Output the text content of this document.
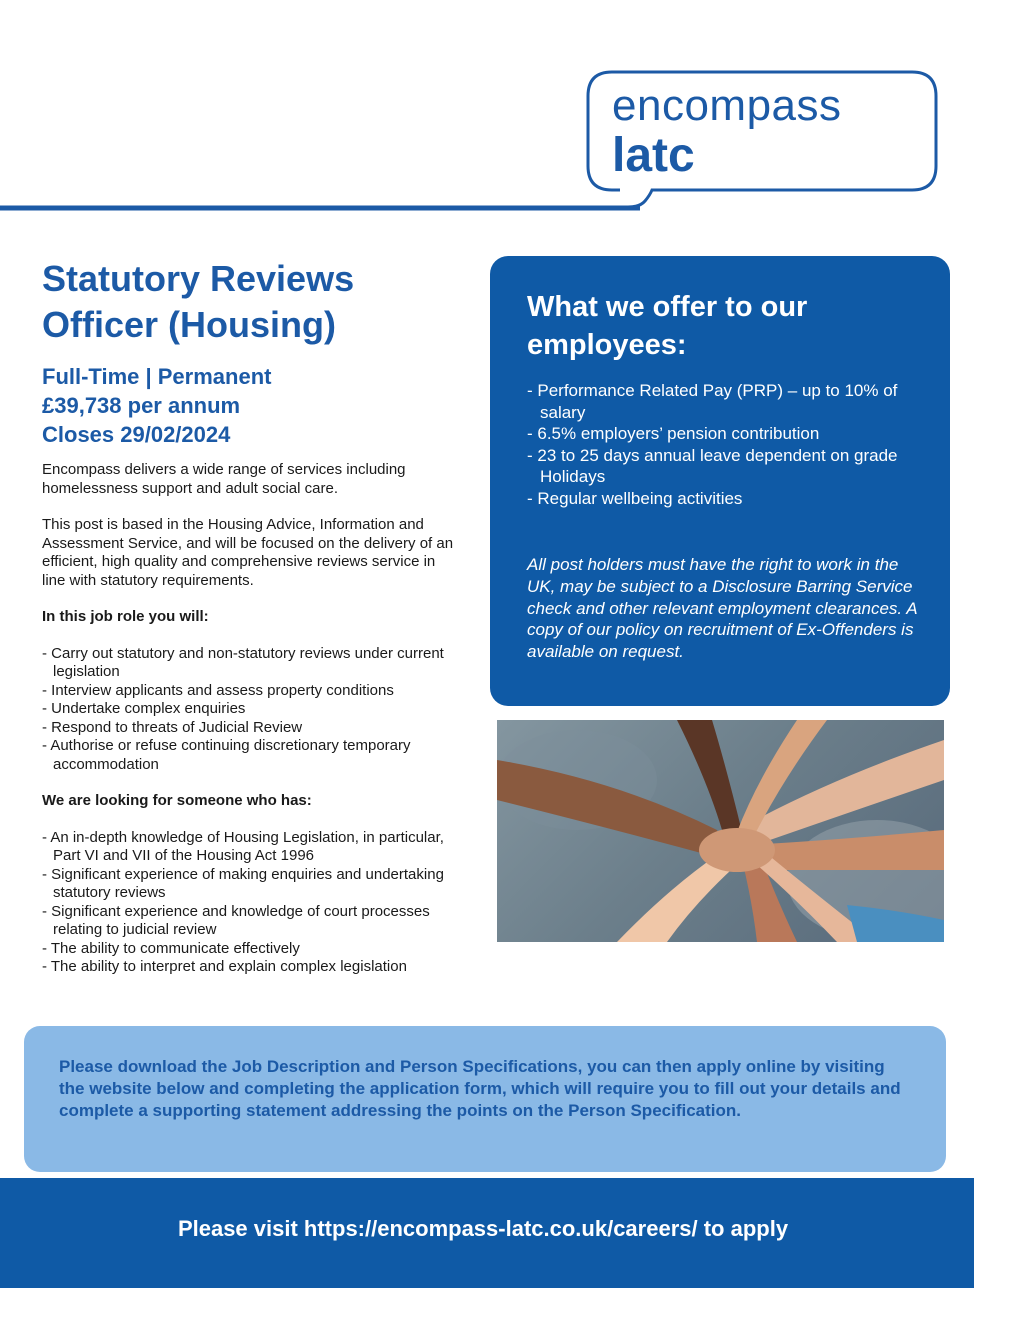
encompass
latc
Statutory Reviews
Officer (Housing)
Full-Time | Permanent
£39,738 per annum
Closes 29/02/2024

Encompass delivers a wide range of services including homelessness support and adult social care.

This post is based in the Housing Advice, Information and Assessment Service, and will be focused on the delivery of an efficient, high quality and comprehensive reviews service in line with statutory requirements.

In this job role you will:
- Carry out statutory and non-statutory reviews under current legislation
- Interview applicants and assess property conditions
- Undertake complex enquiries
- Respond to threats of Judicial Review
- Authorise or refuse continuing discretionary temporary accommodation
We are looking for someone who has:
- An in-depth knowledge of Housing Legislation, in particular, Part VI and VII of the Housing Act 1996
- Significant experience of making enquiries and undertaking statutory reviews
- Significant experience and knowledge of court processes relating to judicial review
- The ability to communicate effectively
- The ability to interpret and explain complex legislation
What we offer to our employees:
- Performance Related Pay (PRP) – up to 10% of salary
- 6.5% employers’ pension contribution
- 23 to 25 days annual leave dependent on grade Holidays
- Regular wellbeing activities
All post holders must have the right to work in the UK, may be subject to a Disclosure Barring Service check and other relevant employment clearances. A copy of our policy on recruitment of Ex-Offenders is available on request.
Please download the Job Description and Person Specifications, you can then apply online by visiting the website below and completing the application form, which will require you to fill out your details and complete a supporting statement addressing the points on the Person Specification.
Please visit https://encompass-latc.co.uk/careers/ to apply
